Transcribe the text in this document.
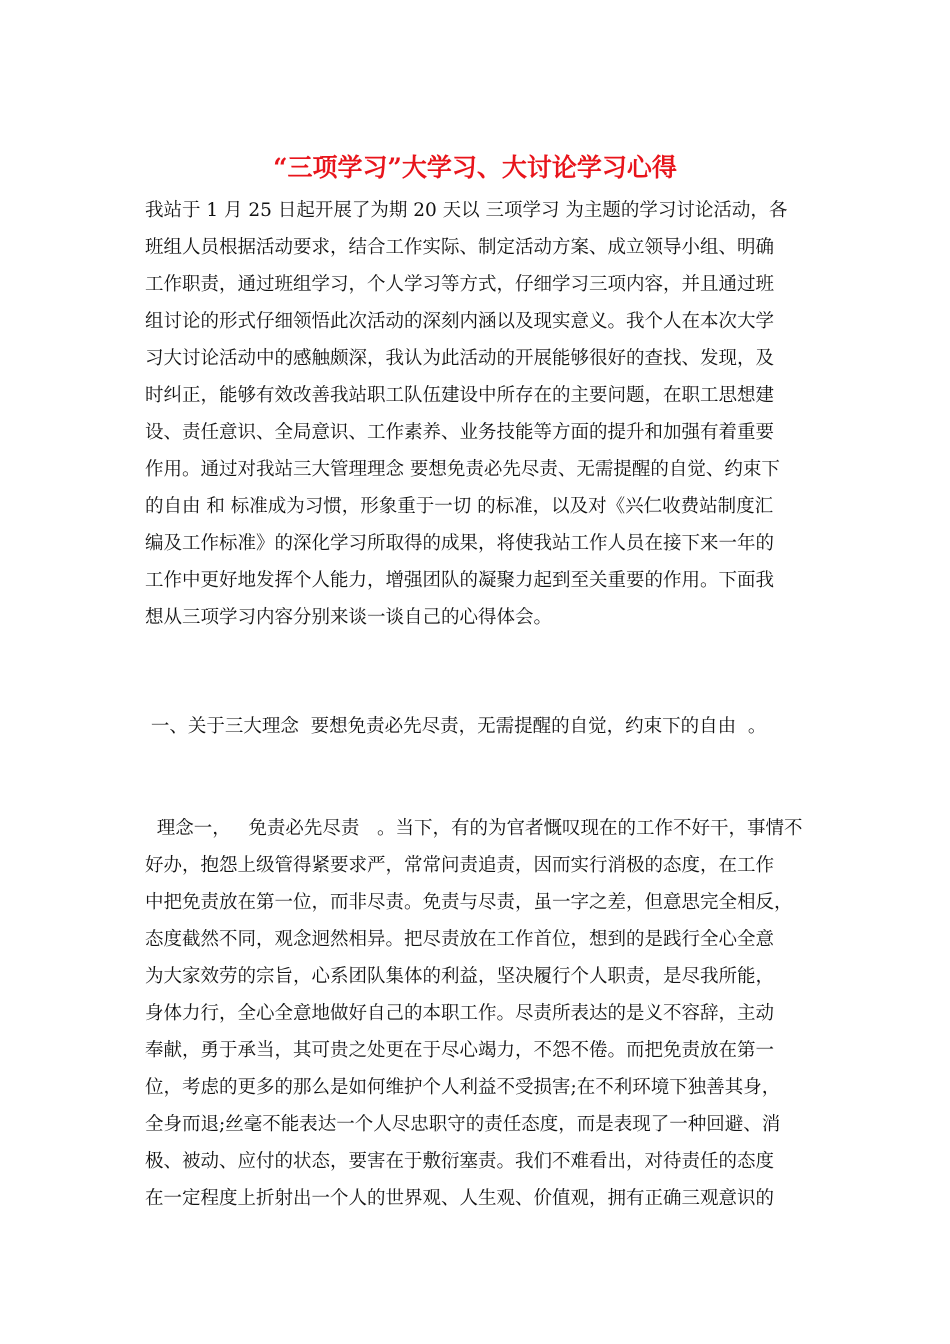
“三项学习”大学习、大讨论学习心得
我站于 1 月 25 日起开展了为期 20 天以 三项学习 为主题的学习讨论活动，各
班组人员根据活动要求，结合工作实际、制定活动方案、成立领导小组、明确
工作职责，通过班组学习，个人学习等方式，仔细学习三项内容，并且通过班
组讨论的形式仔细领悟此次活动的深刻内涵以及现实意义。我个人在本次大学
习大讨论活动中的感触颇深，我认为此活动的开展能够很好的查找、发现，及
时纠正，能够有效改善我站职工队伍建设中所存在的主要问题，在职工思想建
设、责任意识、全局意识、工作素养、业务技能等方面的提升和加强有着重要
作用。通过对我站三大管理理念 要想免责必先尽责、无需提醒的自觉、约束下
的自由 和 标准成为习惯，形象重于一切 的标准，以及对《兴仁收费站制度汇
编及工作标准》的深化学习所取得的成果，将使我站工作人员在接下来一年的
工作中更好地发挥个人能力，增强团队的凝聚力起到至关重要的作用。下面我
想从三项学习内容分别来谈一谈自己的心得体会。
一、关于三大理念  要想免责必先尽责，无需提醒的自觉，约束下的自由  。
理念一，   免责必先尽责   。当下，有的为官者慨叹现在的工作不好干，事情不
好办，抱怨上级管得紧要求严，常常问责追责，因而实行消极的态度，在工作
中把免责放在第一位，而非尽责。免责与尽责，虽一字之差，但意思完全相反，
态度截然不同，观念迥然相异。把尽责放在工作首位，想到的是践行全心全意
为大家效劳的宗旨，心系团队集体的利益，坚决履行个人职责，是尽我所能，
身体力行，全心全意地做好自己的本职工作。尽责所表达的是义不容辞，主动
奉献，勇于承当，其可贵之处更在于尽心竭力，不怨不倦。而把免责放在第一
位，考虑的更多的那么是如何维护个人利益不受损害;在不利环境下独善其身，
全身而退;丝毫不能表达一个人尽忠职守的责任态度，而是表现了一种回避、消
极、被动、应付的状态，要害在于敷衍塞责。我们不难看出，对待责任的态度
在一定程度上折射出一个人的世界观、人生观、价值观，拥有正确三观意识的
